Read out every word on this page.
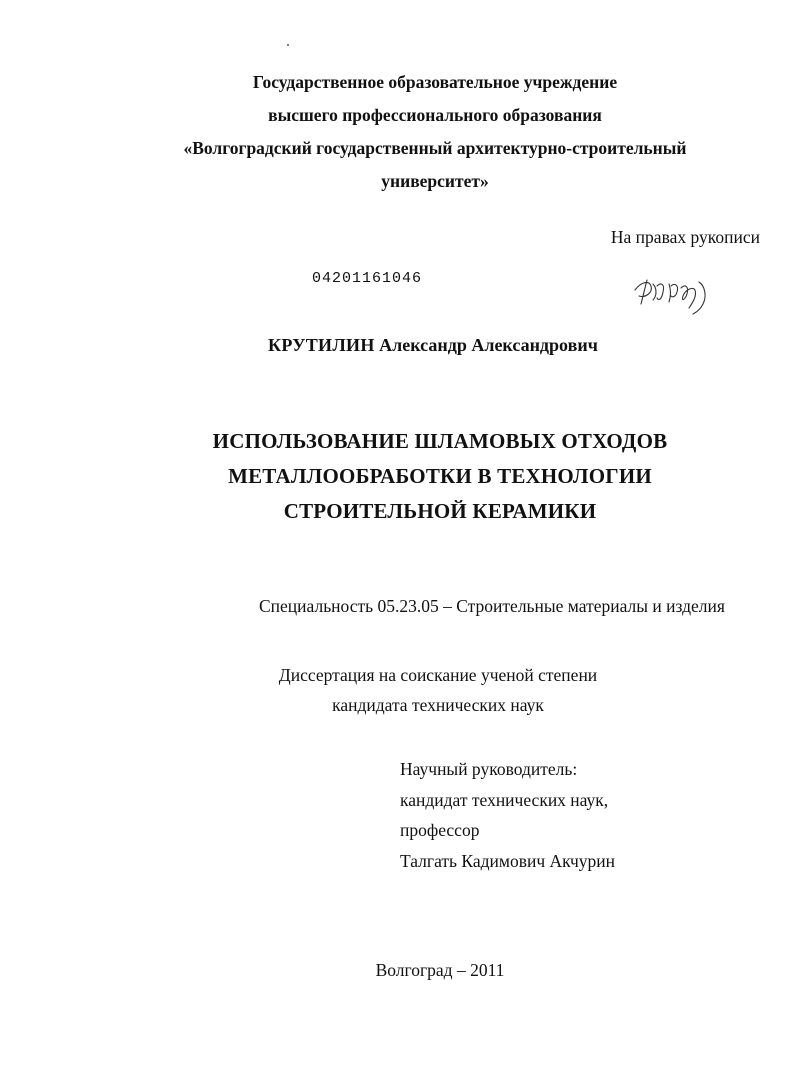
Государственное образовательное учреждение
высшего профессионального образования
«Волгоградский государственный архитектурно-строительный
университет»
На правах рукописи
04201161046
КРУТИЛИН Александр Александрович
ИСПОЛЬЗОВАНИЕ ШЛАМОВЫХ ОТХОДОВ
МЕТАЛЛООБРАБОТКИ В ТЕХНОЛОГИИ
СТРОИТЕЛЬНОЙ КЕРАМИКИ
Специальность 05.23.05 – Строительные материалы и изделия
Диссертация на соискание ученой степени
кандидата технических наук
Научный руководитель:
кандидат технических наук,
профессор
Талгать Кадимович Акчурин
Волгоград – 2011
